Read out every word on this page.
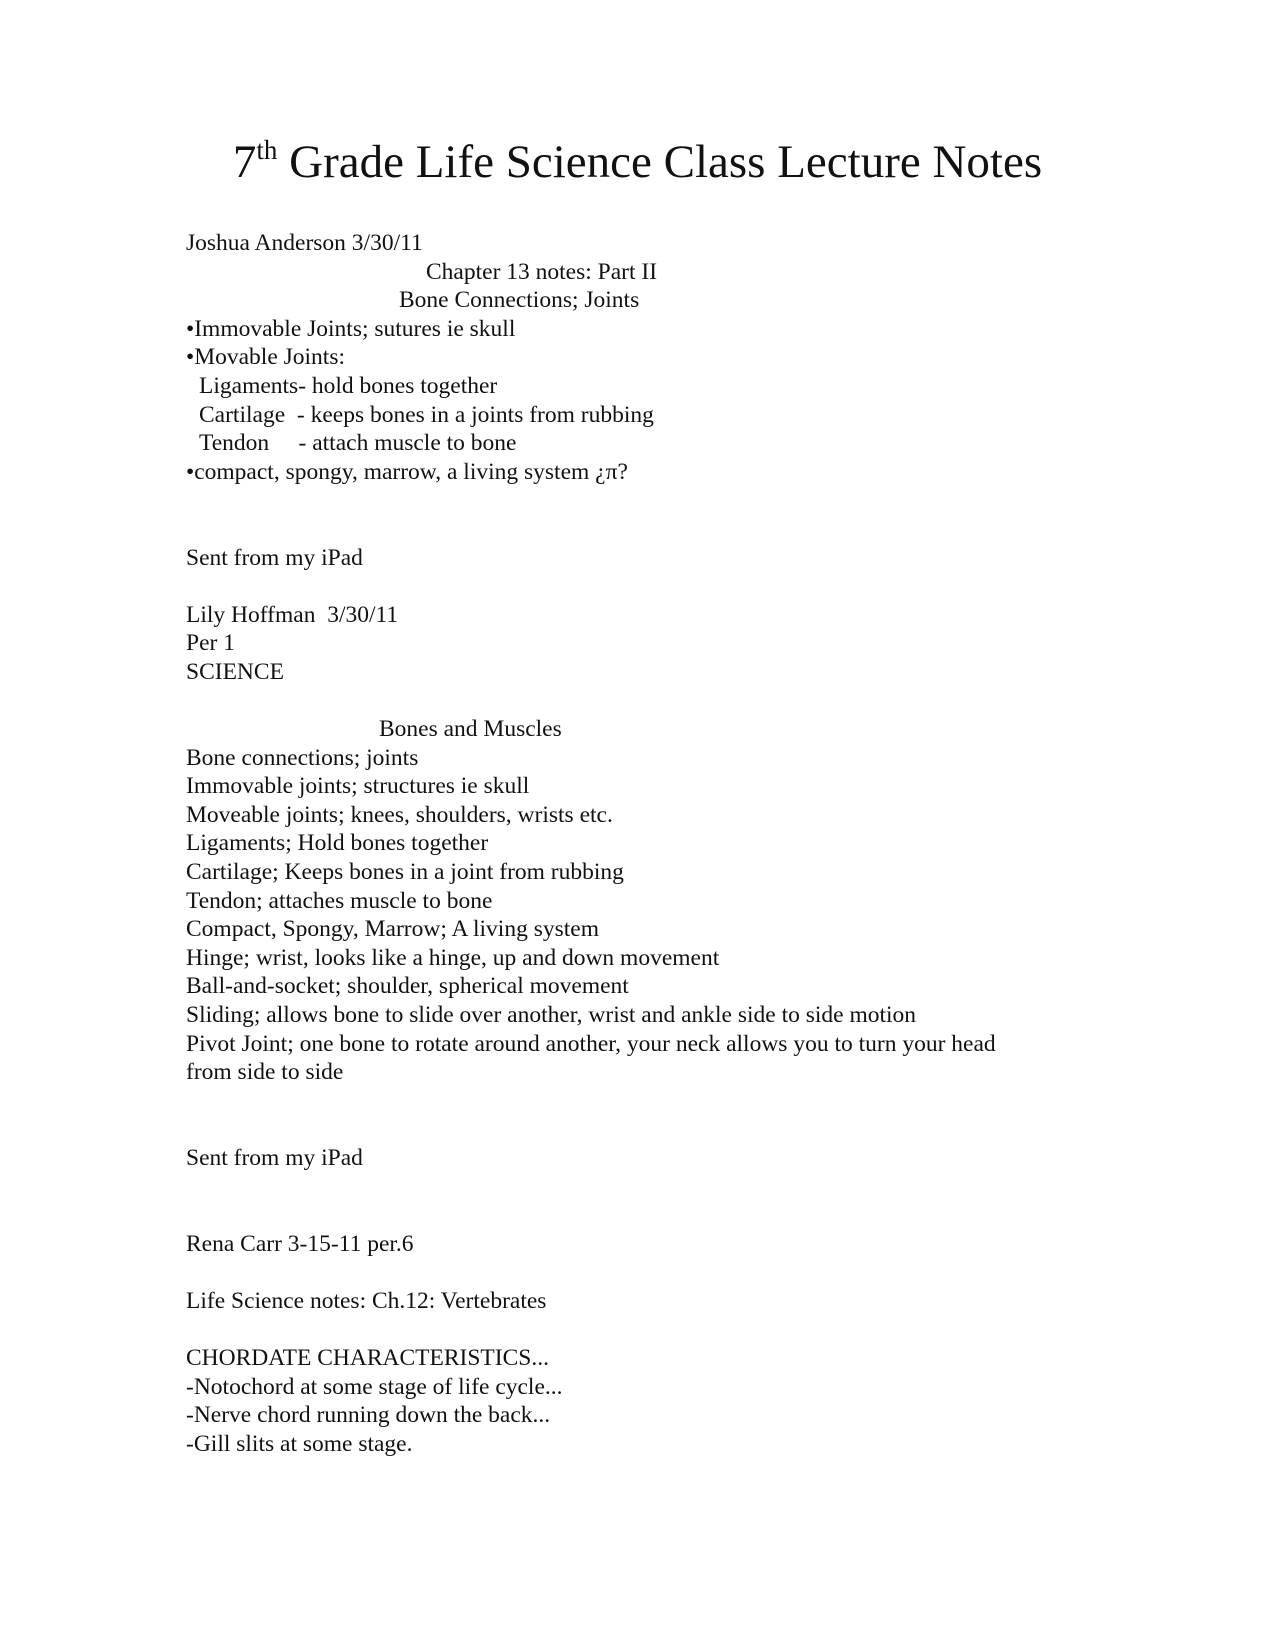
7th Grade Life Science Class Lecture Notes
Joshua Anderson 3/30/11
Chapter 13 notes: Part II
Bone Connections; Joints
•Immovable Joints; sutures ie skull
•Movable Joints:
Ligaments- hold bones together
Cartilage  - keeps bones in a joints from rubbing
Tendon     - attach muscle to bone
•compact, spongy, marrow, a living system ¿π?
Sent from my iPad
Lily Hoffman  3/30/11
Per 1
SCIENCE
Bones and Muscles
Bone connections; joints
Immovable joints; structures ie skull
Moveable joints; knees, shoulders, wrists etc.
Ligaments; Hold bones together
Cartilage; Keeps bones in a joint from rubbing
Tendon; attaches muscle to bone
Compact, Spongy, Marrow; A living system
Hinge; wrist, looks like a hinge, up and down movement
Ball-and-socket; shoulder, spherical movement
Sliding; allows bone to slide over another, wrist and ankle side to side motion
Pivot Joint; one bone to rotate around another, your neck allows you to turn your head
from side to side
Sent from my iPad
Rena Carr 3-15-11 per.6
Life Science notes: Ch.12: Vertebrates
CHORDATE CHARACTERISTICS...
-Notochord at some stage of life cycle...
-Nerve chord running down the back...
-Gill slits at some stage.
